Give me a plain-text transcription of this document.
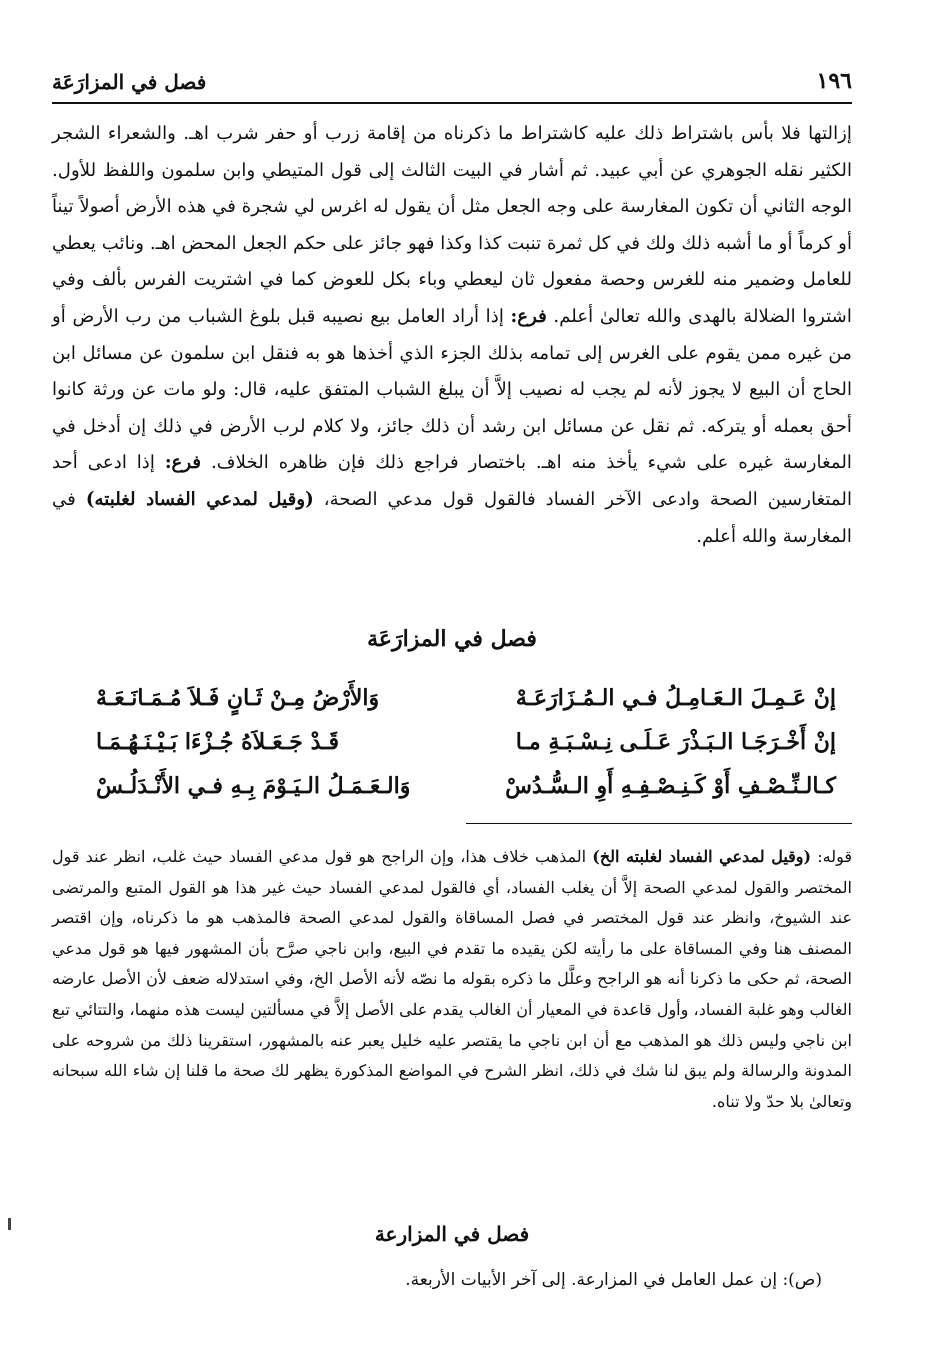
١٩٦
فصل في المزارَعَة

إزالتها فلا بأس باشتراط ذلك عليه كاشتراط ما ذكرناه من إقامة زرب أو حفر شرب اهـ. والشعراء الشجر الكثير نقله الجوهري عن أبي عبيد. ثم أشار في البيت الثالث إلى قول المتيطي وابن سلمون واللفظ للأول. الوجه الثاني أن تكون المغارسة على وجه الجعل مثل أن يقول له اغرس لي شجرة في هذه الأرض أصولاً تيناً أو كرماً أو ما أشبه ذلك ولك في كل ثمرة تنبت كذا وكذا فهو جائز على حكم الجعل المحض اهـ. ونائب يعطي للعامل وضمير منه للغرس وحصة مفعول ثان ليعطي وباء بكل للعوض كما في اشتريت الفرس بألف وفي اشتروا الضلالة بالهدى والله تعالىٰ أعلم. فرع: إذا أراد العامل بيع نصيبه قبل بلوغ الشباب من رب الأرض أو من غيره ممن يقوم على الغرس إلى تمامه بذلك الجزء الذي أخذها هو به فنقل ابن سلمون عن مسائل ابن الحاج أن البيع لا يجوز لأنه لم يجب له نصيب إلاَّ أن يبلغ الشباب المتفق عليه، قال: ولو مات عن ورثة كانوا أحق بعمله أو يتركه. ثم نقل عن مسائل ابن رشد أن ذلك جائز، ولا كلام لرب الأرض في ذلك إن أدخل في المغارسة غيره على شيء يأخذ منه اهـ. باختصار فراجع ذلك فإن ظاهره الخلاف. فرع: إذا ادعى أحد المتغارسين الصحة وادعى الآخر الفساد فالقول قول مدعي الصحة، (وقيل لمدعي الفساد لغلبته) في المغارسة والله أعلم.

فصل في المزارَعَة
إنْ عَـمِـلَ الـعَـامِـلُ فـي الـمُـزَارَعَـهْ
وَالأَرْضُ مِـنْ ثَـانٍ فَـلاَ مُـمَـانَـعَـهْ
إنْ أَخْـرَجَـا الـبَـذْرَ عَـلَـى نِـسْـبَـةِ مـا
قَـدْ جَـعَـلاَهُ جُـزْءَا بَـيْـنَـهُـمَـا
كـالـنِّـصْـفِ أَوْ كَـنِـصْـفِـهِ أَوِ الـسُّـدُسْ
وَالـعَـمَـلُ الـيَـوْمَ بِـهِ فـي الأَنْـدَلُـسْ

قوله: (وقيل لمدعي الفساد لغلبته الخ) المذهب خلاف هذا، وإن الراجح هو قول مدعي الفساد حيث غلب، انظر عند قول المختصر والقول لمدعي الصحة إلاَّ أن يغلب الفساد، أي فالقول لمدعي الفساد حيث غير هذا هو القول المتبع والمرتضى عند الشيوخ، وانظر عند قول المختصر في فصل المساقاة والقول لمدعي الصحة فالمذهب هو ما ذكرناه، وإن اقتصر المصنف هنا وفي المساقاة على ما رأيته لكن يقيده ما تقدم في البيع، وابن ناجي صرَّح بأن المشهور فيها هو قول مدعي الصحة، ثم حكى ما ذكرنا أنه هو الراجح وعلَّل ما ذكره بقوله ما نصّه لأنه الأصل الخ، وفي استدلاله ضعف لأن الأصل عارضه الغالب وهو غلبة الفساد، وأول قاعدة في المعيار أن الغالب يقدم على الأصل إلاَّ في مسألتين ليست هذه منهما، والتتائي تبع ابن ناجي وليس ذلك هو المذهب مع أن ابن ناجي ما يقتصر عليه خليل يعبر عنه بالمشهور، استقرينا ذلك من شروحه على المدونة والرسالة ولم يبق لنا شك في ذلك، انظر الشرح في المواضع المذكورة يظهر لك صحة ما قلنا إن شاء الله سبحانه وتعالىٰ بلا حدّ ولا تناه.

فصل في المزارعة

(ص): إن عمل العامل في المزارعة. إلى آخر الأبيات الأربعة.
